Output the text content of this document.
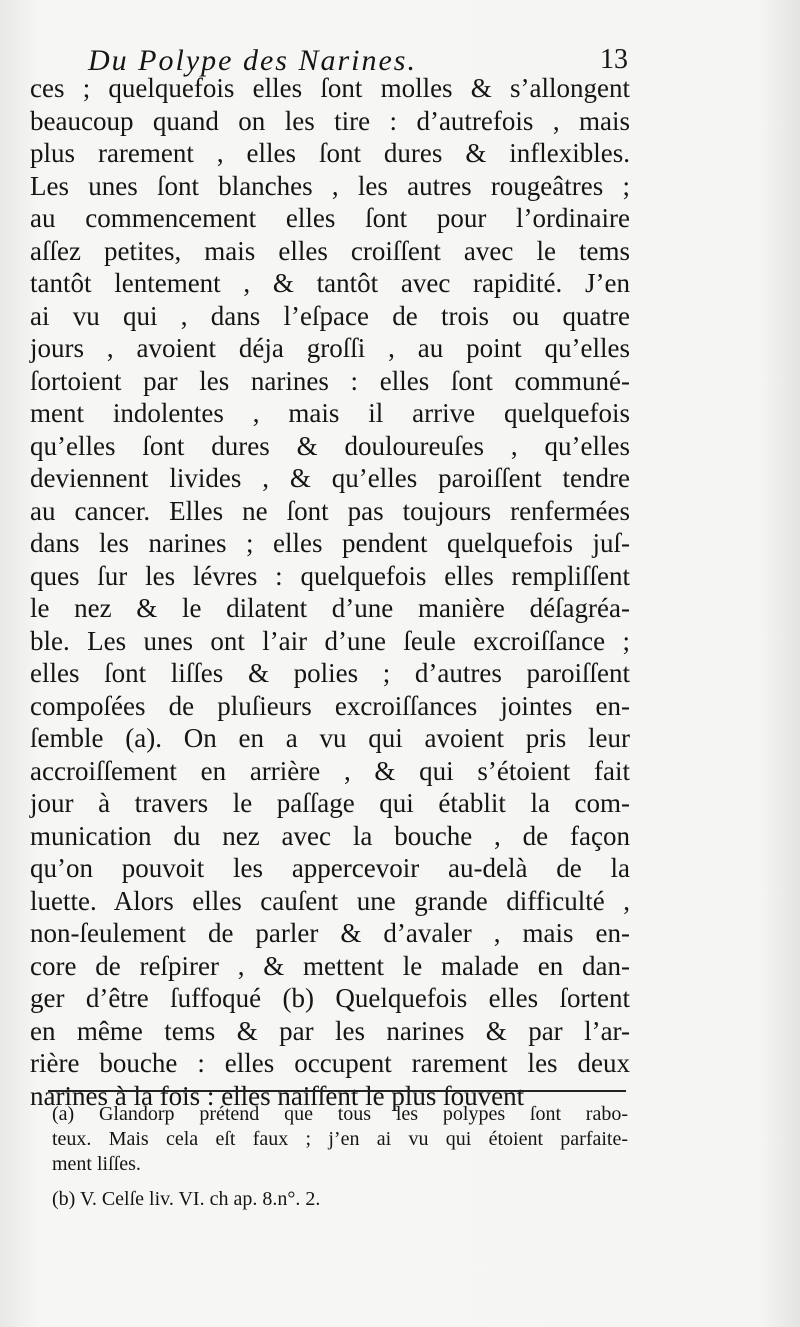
Du Polype des Narines.	13
ces ; quelquefois elles ſont molles & s’allongent
beaucoup quand on les tire : d’autrefois , mais
plus rarement , elles ſont dures & inflexibles.
Les unes ſont blanches , les autres rougeâtres ;
au commencement elles ſont pour l’ordinaire
aſſez petites, mais elles croiſſent avec le tems
tantôt lentement , & tantôt avec rapidité. J’en
ai vu qui , dans l’eſpace de trois ou quatre
jours , avoient déja groſſi , au point qu’elles
ſortoient par les narines : elles ſont communé-
ment indolentes , mais il arrive quelquefois
qu’elles ſont dures & douloureuſes , qu’elles
deviennent livides , & qu’elles paroiſſent tendre
au cancer. Elles ne ſont pas toujours renfermées
dans les narines ; elles pendent quelquefois juſ-
ques ſur les lévres : quelquefois elles rempliſſent
le nez & le dilatent d’une manière déſagréa-
ble. Les unes ont l’air d’une ſeule excroiſſance ;
elles ſont liſſes & polies ; d’autres paroiſſent
compoſées de pluſieurs excroiſſances jointes en-
ſemble (a). On en a vu qui avoient pris leur
accroiſſement en arrière , & qui s’étoient fait
jour à travers le paſſage qui établit la com-
munication du nez avec la bouche , de façon
qu’on pouvoit les appercevoir au-delà de la
luette. Alors elles cauſent une grande difficulté ,
non-ſeulement de parler & d’avaler , mais en-
core de reſpirer , & mettent le malade en dan-
ger d’être ſuffoqué (b) Quelquefois elles ſortent
en même tems & par les narines & par l’ar-
rière bouche : elles occupent rarement les deux
narines à la fois : elles naiſſent le plus ſouvent
(a) Glandorp prétend que tous les polypes ſont rabo-
teux. Mais cela eſt faux ; j’en ai vu qui étoient parfaite-
ment liſſes.
(b) V. Celſe liv. VI. ch ap. 8.n°. 2.
